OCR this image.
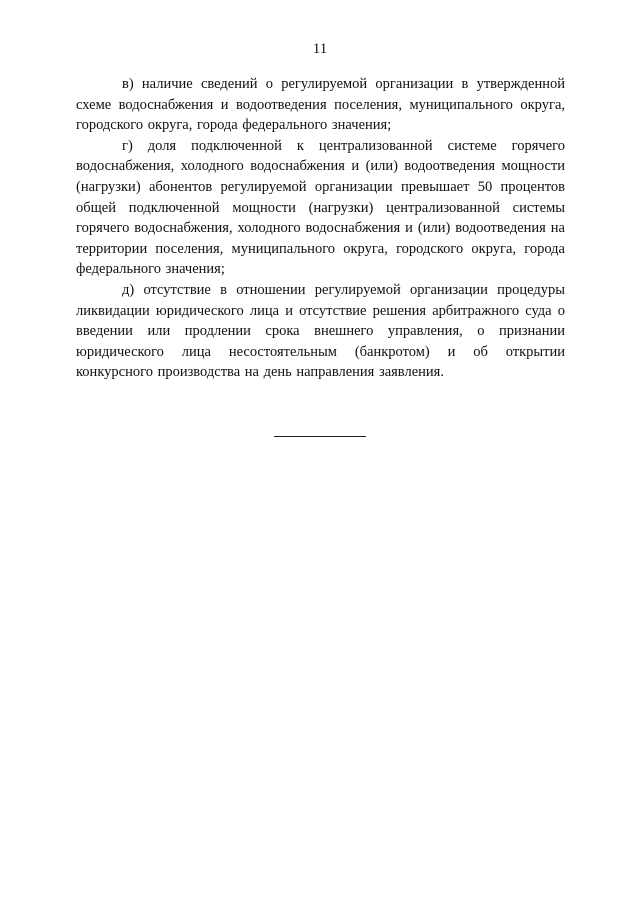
11

в) наличие сведений о регулируемой организации в утвержденной схеме водоснабжения и водоотведения поселения, муниципального округа, городского округа, города федерального значения;

г) доля подключенной к централизованной системе горячего водоснабжения, холодного водоснабжения и (или) водоотведения мощности (нагрузки) абонентов регулируемой организации превышает 50 процентов общей подключенной мощности (нагрузки) централизованной системы горячего водоснабжения, холодного водоснабжения и (или) водоотведения на территории поселения, муниципального округа, городского округа, города федерального значения;

д) отсутствие в отношении регулируемой организации процедуры ликвидации юридического лица и отсутствие решения арбитражного суда о введении или продлении срока внешнего управления, о признании юридического лица несостоятельным (банкротом) и об открытии конкурсного производства на день направления заявления.
